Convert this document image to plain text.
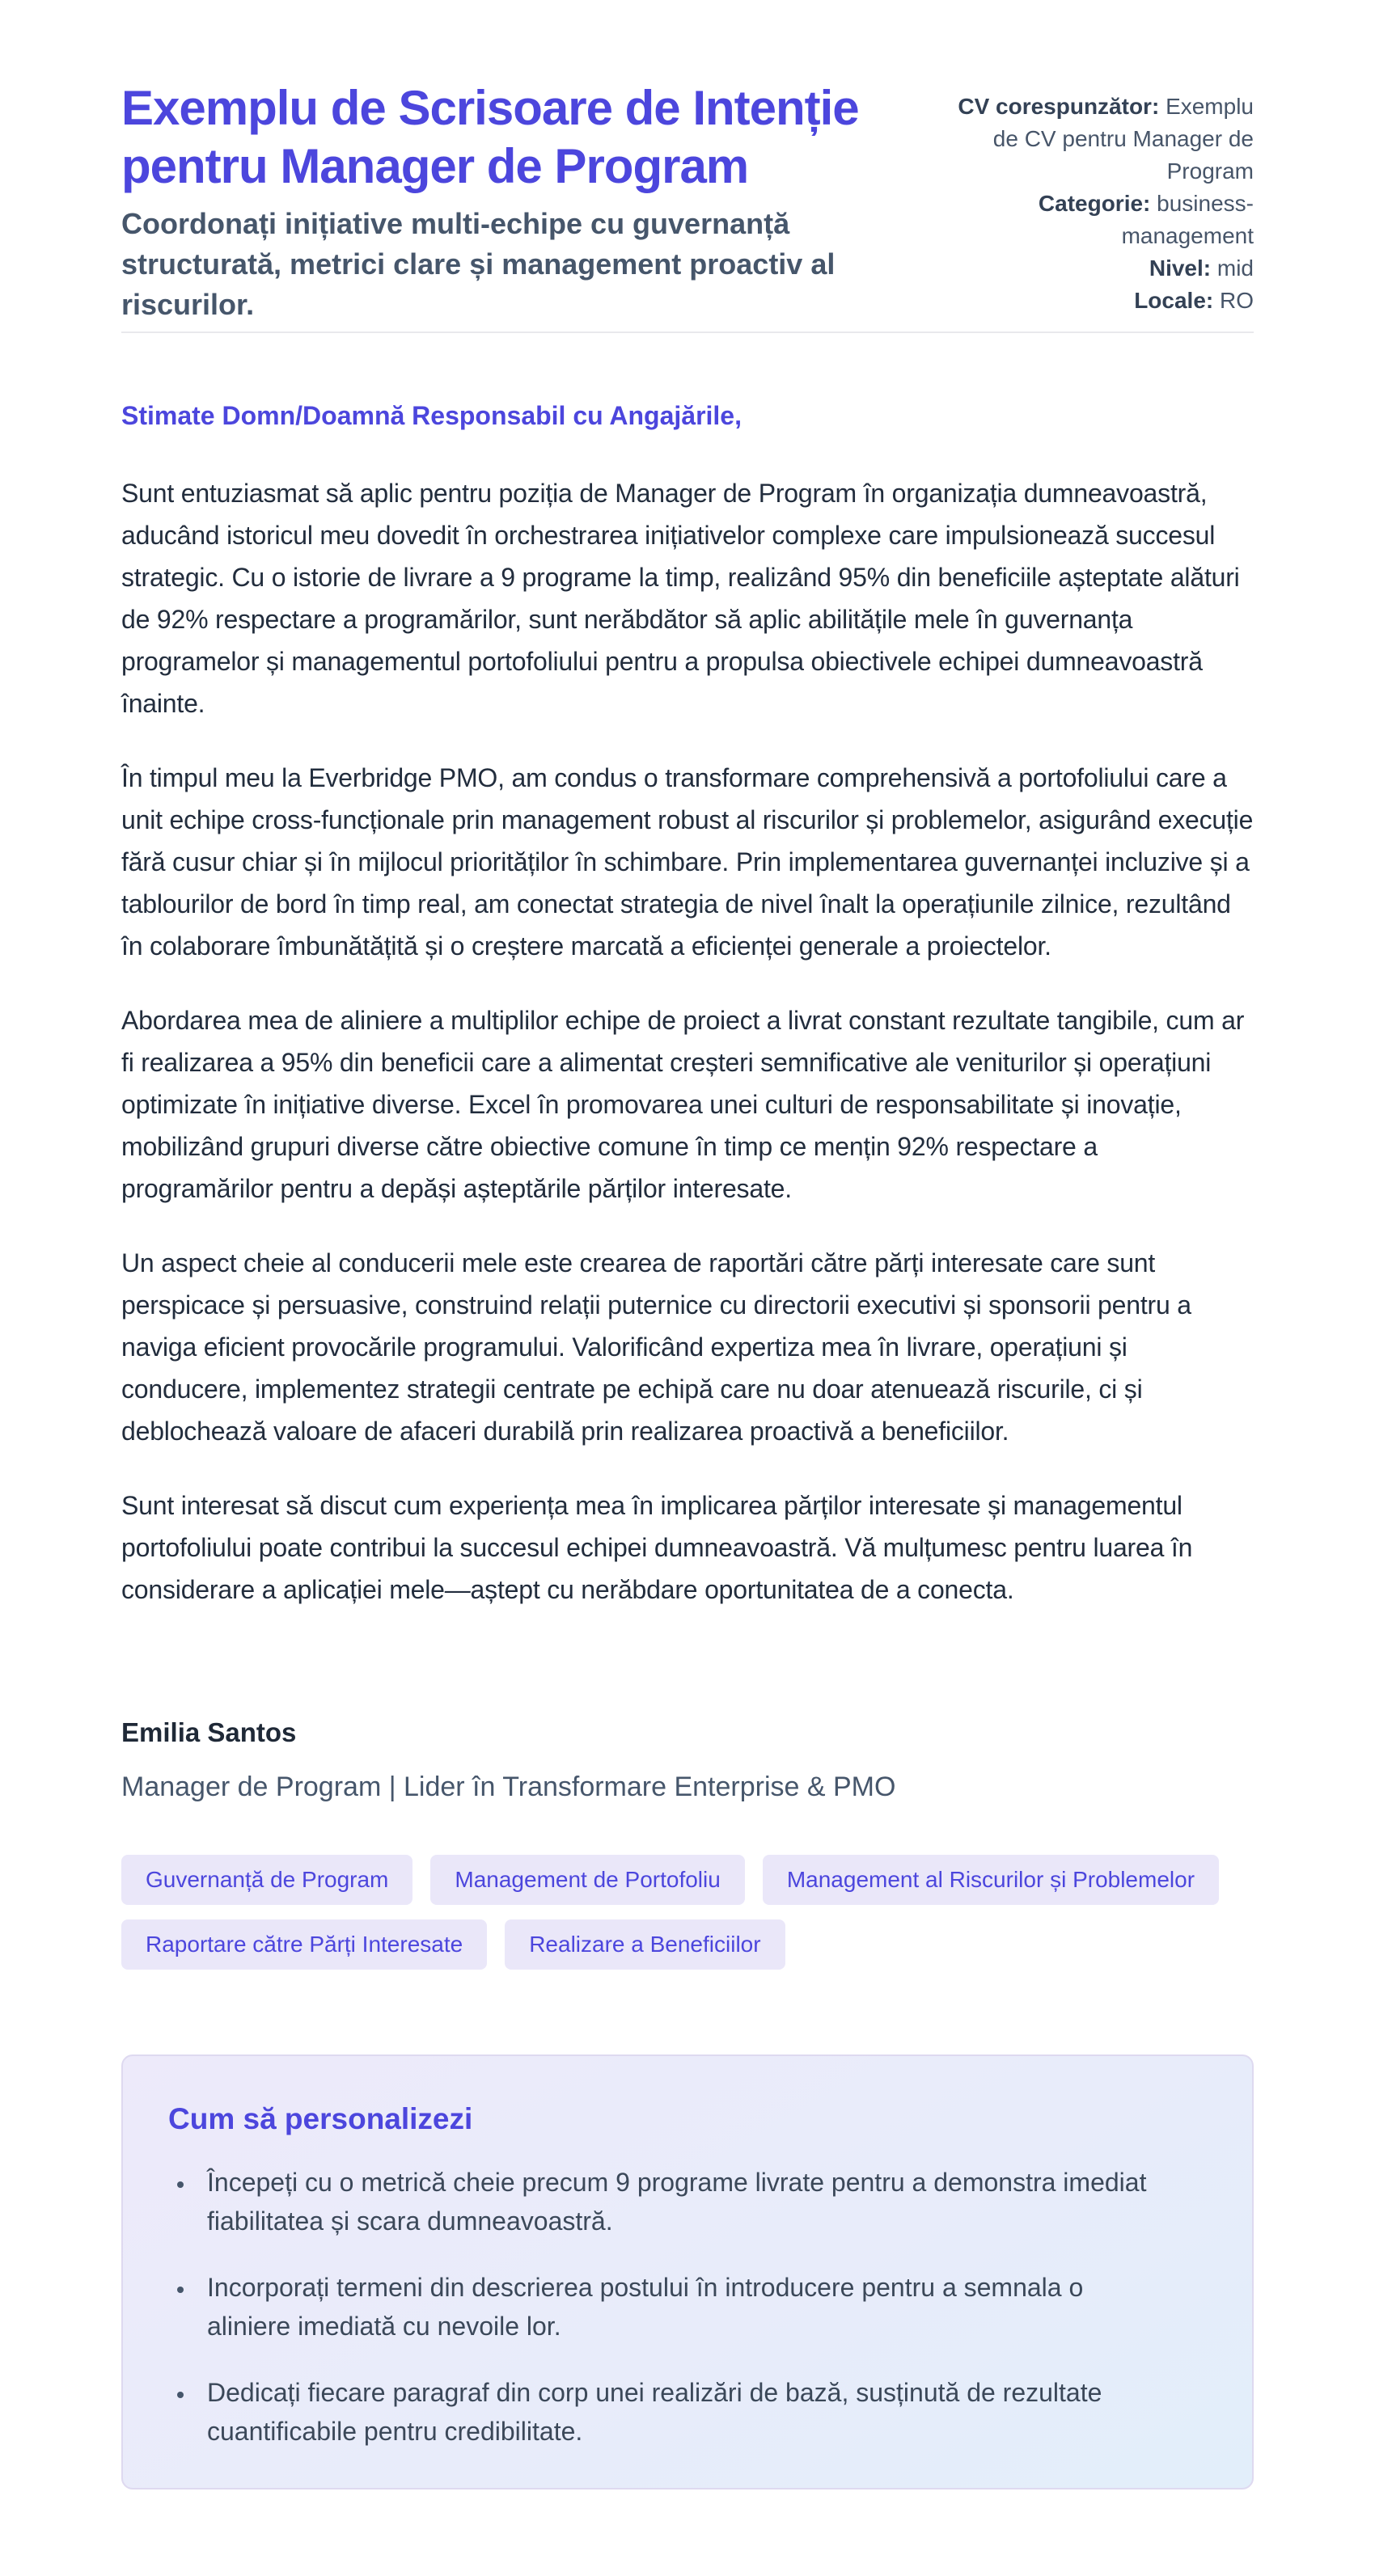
Exemplu de Scrisoare de Intenție pentru Manager de Program

Coordonați inițiative multi-echipe cu guvernanță structurată, metrici clare și management proactiv al riscurilor.

CV corespunzător: Exemplu de CV pentru Manager de Program
Categorie: business-management
Nivel: mid
Locale: RO

Stimate Domn/Doamnă Responsabil cu Angajările,

Sunt entuziasmat să aplic pentru poziția de Manager de Program în organizația dumneavoastră, aducând istoricul meu dovedit în orchestrarea inițiativelor complexe care impulsionează succesul strategic. Cu o istorie de livrare a 9 programe la timp, realizând 95% din beneficiile așteptate alături de 92% respectare a programărilor, sunt nerăbdător să aplic abilitățile mele în guvernanța programelor și managementul portofoliului pentru a propulsa obiectivele echipei dumneavoastră înainte.

În timpul meu la Everbridge PMO, am condus o transformare comprehensivă a portofoliului care a unit echipe cross-funcționale prin management robust al riscurilor și problemelor, asigurând execuție fără cusur chiar și în mijlocul priorităților în schimbare. Prin implementarea guvernanței incluzive și a tablourilor de bord în timp real, am conectat strategia de nivel înalt la operațiunile zilnice, rezultând în colaborare îmbunătățită și o creștere marcată a eficienței generale a proiectelor.

Abordarea mea de aliniere a multiplilor echipe de proiect a livrat constant rezultate tangibile, cum ar fi realizarea a 95% din beneficii care a alimentat creșteri semnificative ale veniturilor și operațiuni optimizate în inițiative diverse. Excel în promovarea unei culturi de responsabilitate și inovație, mobilizând grupuri diverse către obiective comune în timp ce mențin 92% respectare a programărilor pentru a depăși așteptările părților interesate.

Un aspect cheie al conducerii mele este crearea de raportări către părți interesate care sunt perspicace și persuasive, construind relații puternice cu directorii executivi și sponsorii pentru a naviga eficient provocările programului. Valorificând expertiza mea în livrare, operațiuni și conducere, implementez strategii centrate pe echipă care nu doar atenuează riscurile, ci și deblochează valoare de afaceri durabilă prin realizarea proactivă a beneficiilor.

Sunt interesat să discut cum experiența mea în implicarea părților interesate și managementul portofoliului poate contribui la succesul echipei dumneavoastră. Vă mulțumesc pentru luarea în considerare a aplicației mele—aștept cu nerăbdare oportunitatea de a conecta.

Emilia Santos

Manager de Program | Lider în Transformare Enterprise & PMO

Guvernanță de Program	Management de Portofoliu	Management al Riscurilor și Problemelor
Raportare către Părți Interesate	Realizare a Beneficiilor
Cum să personalizezi
• Începeți cu o metrică cheie precum 9 programe livrate pentru a demonstra imediat fiabilitatea și scara dumneavoastră.
• Incorporați termeni din descrierea postului în introducere pentru a semnala o aliniere imediată cu nevoile lor.
• Dedicați fiecare paragraf din corp unei realizări de bază, susținută de rezultate cuantificabile pentru credibilitate.
